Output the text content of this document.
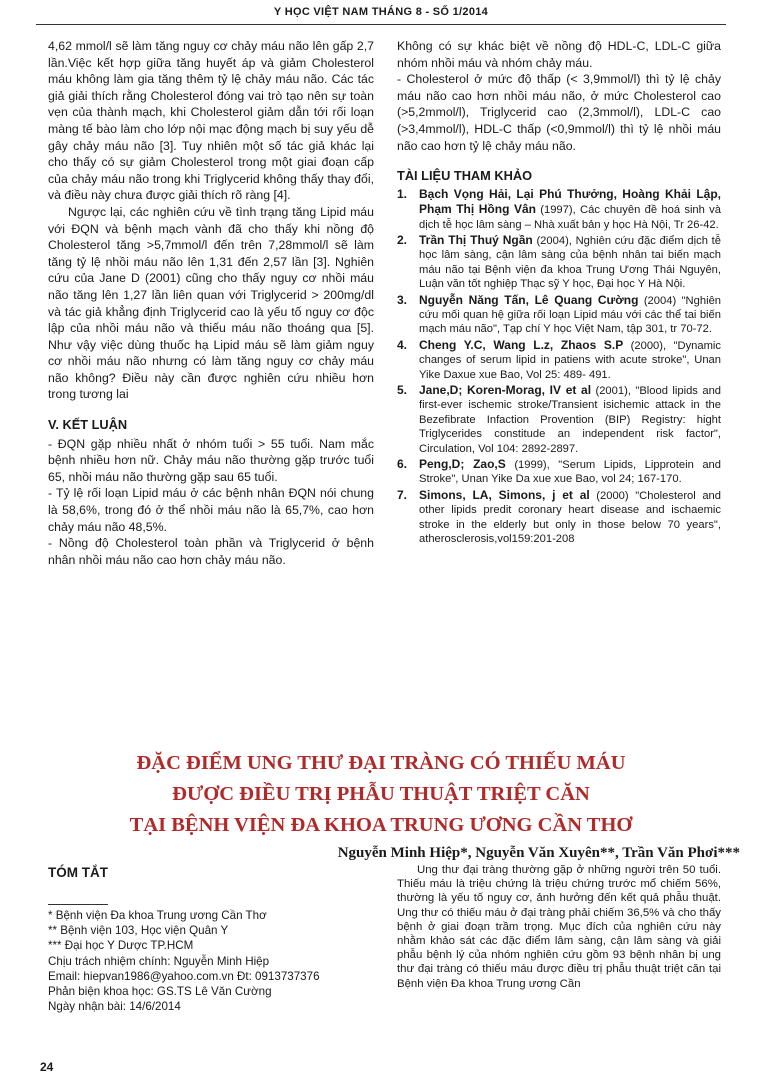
Y HỌC VIỆT NAM THÁNG 8 - SỐ 1/2014

4,62 mmol/l sẽ làm tăng nguy cơ chảy máu não lên gấp 2,7 lần.Việc kết hợp giữa tăng huyết áp và giảm Cholesterol máu không làm gia tăng thêm tỷ lệ chảy máu não. Các tác giả giải thích rằng Cholesterol đóng vai trò tạo nên sự toàn vẹn của thành mạch, khi Cholesterol giảm dẫn tới rối loạn màng tế bào làm cho lớp nội mạc động mạch bị suy yếu dễ gây chảy máu não [3]. Tuy nhiên một số tác giả khác lại cho thấy có sự giảm Cholesterol trong một giai đoạn cấp của chảy máu não trong khi Triglycerid không thấy thay đổi, và điều này chưa được giải thích rõ ràng [4].

Ngược lại, các nghiên cứu về tình trạng tăng Lipid máu với ĐQN và bệnh mạch vành đã cho thấy khi nồng độ Cholesterol tăng >5,7mmol/l đến trên 7,28mmol/l sẽ làm tăng tỷ lệ nhồi máu não lên 1,31 đến 2,57 lần [3]. Nghiên cứu của Jane D (2001) cũng cho thấy nguy cơ nhồi máu não tăng lên 1,27 lần liên quan với Triglycerid > 200mg/dl và tác giả khẳng định Triglycerid cao là yếu tố nguy cơ độc lập của nhồi máu não và thiếu máu não thoáng qua [5]. Như vậy việc dùng thuốc hạ Lipid máu sẽ làm giảm nguy cơ nhồi máu não nhưng có làm tăng nguy cơ chảy máu não không? Điều này cần được nghiên cứu nhiều hơn trong tương lai

V. KẾT LUẬN

- ĐQN gặp nhiều nhất ở nhóm tuổi > 55 tuổi. Nam mắc bệnh nhiều hơn nữ. Chảy máu não thường gặp trước tuổi 65, nhồi máu não thường gặp sau 65 tuổi.

- Tỷ lệ rối loạn Lipid máu ở các bệnh nhân ĐQN nói chung là 58,6%, trong đó ở thể nhồi máu não là 65,7%, cao hơn chảy máu não 48,5%.

- Nồng độ Cholesterol toàn phần và Triglycerid ở bệnh nhân nhồi máu não cao hơn chảy máu não.

Không có sự khác biệt về nồng độ HDL-C, LDL-C giữa nhóm nhồi máu và nhóm chảy máu.

- Cholesterol ở mức độ thấp (< 3,9mmol/l) thì tỷ lệ chảy máu não cao hơn nhồi máu não, ở mức Cholesterol cao (>5,2mmol/l), Triglycerid cao (2,3mmol/l), LDL-C cao (>3,4mmol/l), HDL-C thấp (<0,9mmol/l) thì tỷ lệ nhồi máu não cao hơn tỷ lệ chảy máu não.

TÀI LIỆU THAM KHẢO
1. Bạch Vọng Hải, Lại Phú Thưởng, Hoàng Khải Lập, Phạm Thị Hồng Vân (1997), Các chuyên đề hoá sinh và dịch tễ học lâm sàng – Nhà xuất bản y học Hà Nội, Tr 26-42.
2. Trần Thị Thuý Ngần (2004), Nghiên cứu đặc điểm dịch tễ học lâm sàng, cận lâm sàng của bệnh nhân tai biến mạch máu não tại Bệnh viện đa khoa Trung Ương Thái Nguyên, Luận văn tốt nghiệp Thạc sỹ Y học, Đại học Y Hà Nội.
3. Nguyễn Năng Tấn, Lê Quang Cường (2004) "Nghiên cứu mối quan hệ giữa rối loạn Lipid máu với các thể tai biến mạch máu não", Tạp chí Y học Việt Nam, tập 301, tr 70-72.
4. Cheng Y.C, Wang L.z, Zhaos S.P (2000), "Dynamic changes of serum lipid in patiens with acute stroke", Unan Yike Daxue xue Bao, Vol 25: 489- 491.
5. Jane,D; Koren-Morag, IV et al (2001), "Blood lipids and first-ever ischemic stroke/Transient isichemic attack in the Bezefibrate Infaction Provention (BIP) Registry: hight Triglycerides constitude an independent risk factor", Circulation, Vol 104: 2892-2897.
6. Peng,D; Zao,S (1999), "Serum Lipids, Lipprotein and Stroke", Unan Yike Da xue xue Bao, vol 24; 167-170.
7. Simons, LA, Simons, j et al (2000) "Cholesterol and other lipids predit coronary heart disease and ischaemic stroke in the elderly but only in those below 70 years", atherosclerosis,vol159:201-208
ĐẶC ĐIỂM UNG THƯ ĐẠI TRÀNG CÓ THIẾU MÁU
ĐƯỢC ĐIỀU TRỊ PHẪU THUẬT TRIỆT CĂN
TẠI BỆNH VIỆN ĐA KHOA TRUNG ƯƠNG CẦN THƠ
Nguyễn Minh Hiệp*, Nguyễn Văn Xuyên**, Trần Văn Phơi***
TÓM TẮT
* Bệnh viện Đa khoa Trung ương Cần Thơ
** Bệnh viện 103, Học viện Quân Y
*** Đại học Y Dược TP.HCM
Chịu trách nhiệm chính: Nguyễn Minh Hiệp
Email: hiepvan1986@yahoo.com.vn Đt: 0913737376
Phản biện khoa học: GS.TS Lê Văn Cường
Ngày nhận bài: 14/6/2014

Ung thư đại tràng thường gặp ở những người trên 50 tuổi. Thiếu máu là triệu chứng là triệu chứng trước mổ chiếm 56%, thường là yếu tố nguy cơ, ảnh hưởng đến kết quả phẫu thuật. Ung thư có thiếu máu ở đại tràng phải chiếm 36,5% và cho thấy bệnh ở giai đoạn trầm trọng. Mục đích của nghiên cứu này nhằm khảo sát các đặc điểm lâm sàng, cận lâm sàng và giải phẫu bệnh lý của nhóm nghiên cứu gồm 93 bệnh nhân bị ung thư đại tràng có thiếu máu được điều trị phẫu thuật triệt căn tại Bệnh viện Đa khoa Trung ương Cần

24
